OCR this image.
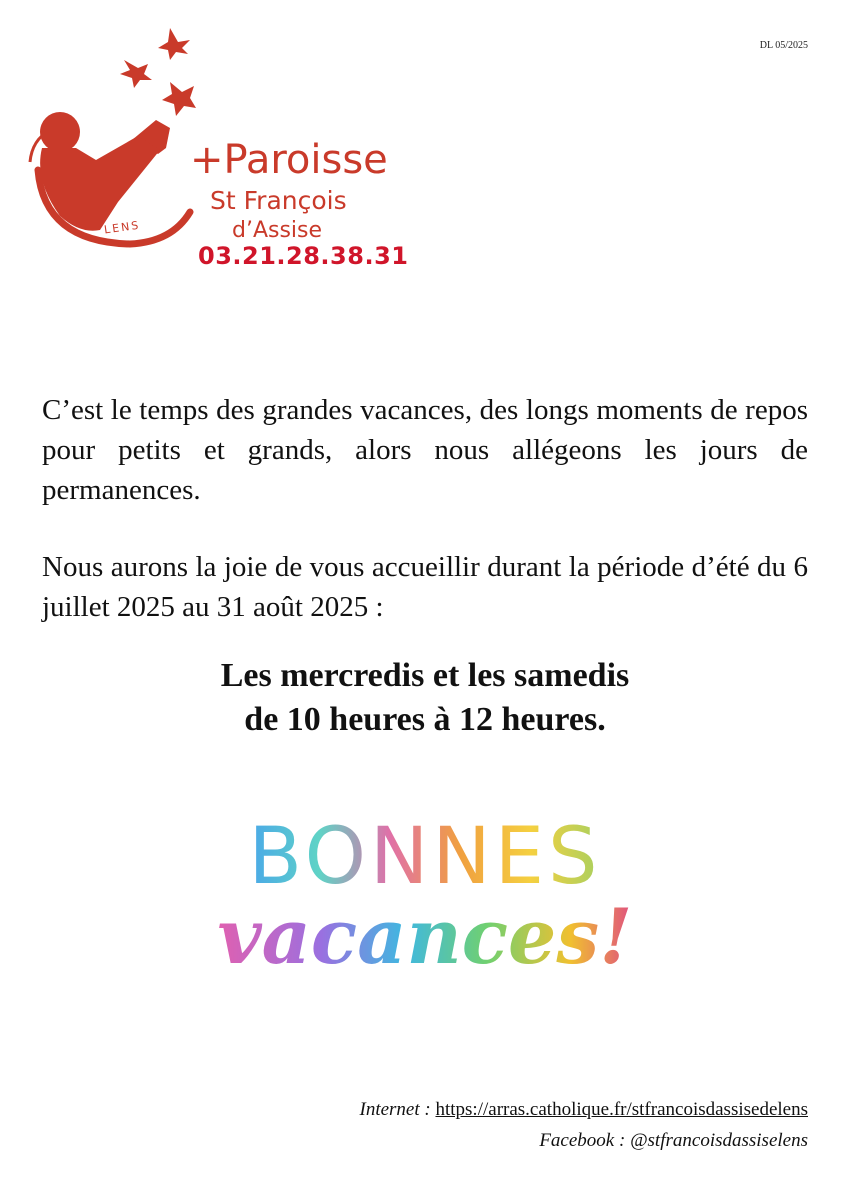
DL 05/2025
+Paroisse
St François
d’Assise
LENS
03.21.28.38.31

C’est le temps des grandes vacances, des longs moments de repos pour petits et grands, alors nous allégeons les jours de permanences.

Nous aurons la joie de vous accueillir durant la période d’été du 6 juillet 2025 au 31 août 2025 :

Les mercredis et les samedis
de 10 heures à 12 heures.
BONNES
vacances!
Internet : https://arras.catholique.fr/stfrancoisdassisedelens
Facebook : @stfrancoisdassiselens
